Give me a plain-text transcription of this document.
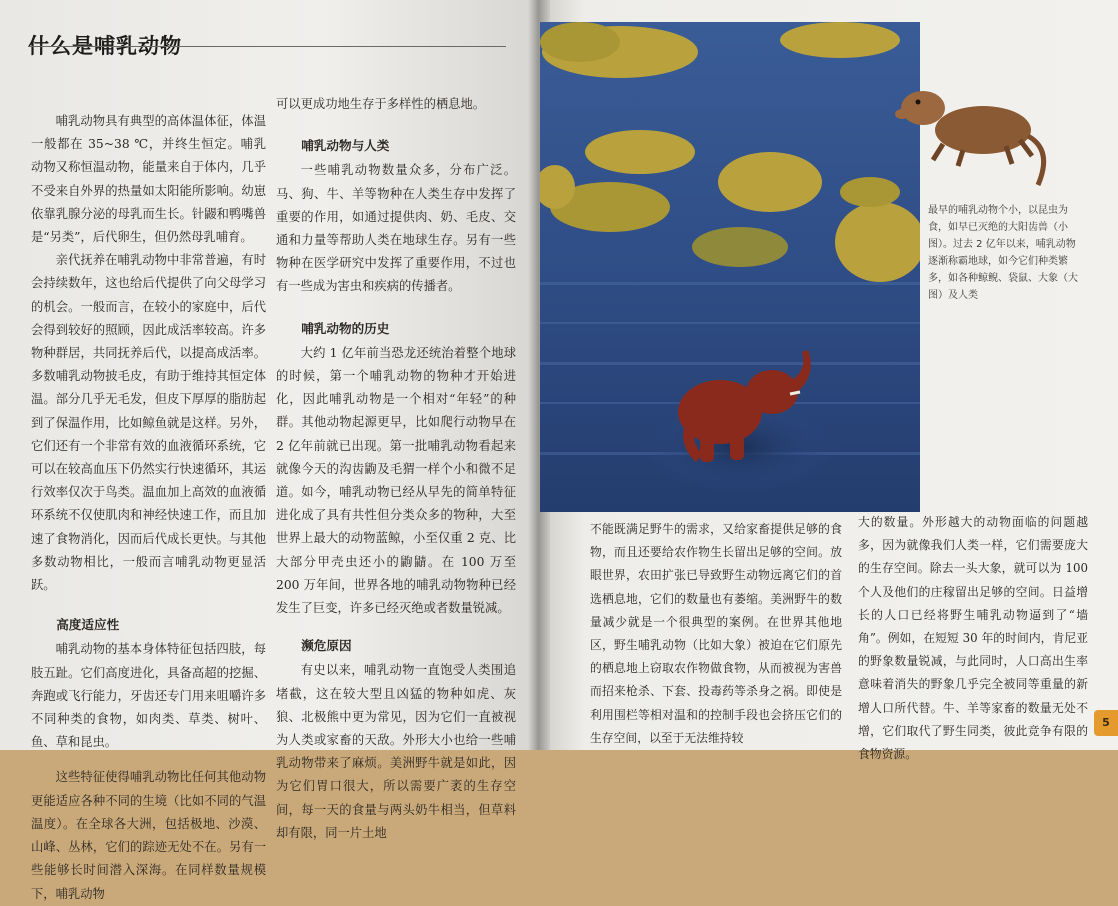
什么是哺乳动物

哺乳动物具有典型的高体温体征，体温一般都在 35~38 ℃，并终生恒定。哺乳动物又称恒温动物，能量来自于体内，几乎不受来自外界的热量如太阳能所影响。幼崽依靠乳腺分泌的母乳而生长。针鼹和鸭嘴兽是“另类”，后代卵生，但仍然母乳哺育。

亲代抚养在哺乳动物中非常普遍，有时会持续数年，这也给后代提供了向父母学习的机会。一般而言，在较小的家庭中，后代会得到较好的照顾，因此成活率较高。许多物种群居，共同抚养后代，以提高成活率。多数哺乳动物披毛皮，有助于维持其恒定体温。部分几乎无毛发，但皮下厚厚的脂肪起到了保温作用，比如鲸鱼就是这样。另外，它们还有一个非常有效的血液循环系统，它可以在较高血压下仍然实行快速循环，其运行效率仅次于鸟类。温血加上高效的血液循环系统不仅使肌肉和神经快速工作，而且加速了食物消化，因而后代成长更快。与其他多数动物相比，一般而言哺乳动物更显活跃。

高度适应性

哺乳动物的基本身体特征包括四肢，每肢五趾。它们高度进化，具备高超的挖掘、奔跑或飞行能力，牙齿还专门用来咀嚼许多不同种类的食物，如肉类、草类、树叶、鱼、草和昆虫。

这些特征使得哺乳动物比任何其他动物更能适应各种不同的生境（比如不同的气温温度）。在全球各大洲，包括极地、沙漠、山峰、丛林，它们的踪迹无处不在。另有一些能够长时间潜入深海。在同样数量规模下，哺乳动物

可以更成功地生存于多样性的栖息地。

哺乳动物与人类

一些哺乳动物数量众多，分布广泛。马、狗、牛、羊等物种在人类生存中发挥了重要的作用，如通过提供肉、奶、毛皮、交通和力量等帮助人类在地球生存。另有一些物种在医学研究中发挥了重要作用，不过也有一些成为害虫和疾病的传播者。

哺乳动物的历史

大约 1 亿年前当恐龙还统治着整个地球的时候，第一个哺乳动物的物种才开始进化，因此哺乳动物是一个相对“年轻”的种群。其他动物起源更早，比如爬行动物早在 2 亿年前就已出现。第一批哺乳动物看起来就像今天的沟齿鼩及毛猬一样个小和微不足道。如今，哺乳动物已经从早先的简单特征进化成了具有共性但分类众多的物种，大至世界上最大的动物蓝鲸，小至仅重 2 克、比大部分甲壳虫还小的鼩鼱。在 100 万至 200 万年间，世界各地的哺乳动物物种已经发生了巨变，许多已经灭绝或者数量锐减。

濒危原因

有史以来，哺乳动物一直饱受人类围追堵截，这在较大型且凶猛的物种如虎、灰狼、北极熊中更为常见，因为它们一直被视为人类或家畜的天敌。外形大小也给一些哺乳动物带来了麻烦。美洲野牛就是如此，因为它们胃口很大，所以需要广袤的生存空间，每一天的食量与两头奶牛相当，但草料却有限，同一片土地

最早的哺乳动物个小，以昆虫为食，如早已灭绝的大阳齿兽（小图）。过去 2 亿年以来，哺乳动物逐渐称霸地球，如今它们种类繁多，如各种鲸鲵、袋鼠、大象（大图）及人类

不能既满足野牛的需求，又给家畜提供足够的食物，而且还要给农作物生长留出足够的空间。放眼世界，农田扩张已导致野生动物远离它们的首选栖息地，它们的数量也有萎缩。美洲野牛的数量减少就是一个很典型的案例。在世界其他地区，野生哺乳动物（比如大象）被迫在它们原先的栖息地上窃取农作物做食物，从而被视为害兽而招来枪杀、下套、投毒药等杀身之祸。即使是利用围栏等相对温和的控制手段也会挤压它们的生存空间，以至于无法维持较

大的数量。外形越大的动物面临的问题越多，因为就像我们人类一样，它们需要庞大的生存空间。除去一头大象，就可以为 100 个人及他们的庄稼留出足够的空间。日益增长的人口已经将野生哺乳动物逼到了“墙角”。例如，在短短 30 年的时间内，肯尼亚的野象数量锐减，与此同时，人口高出生率意味着消失的野象几乎完全被同等重量的新增人口所代替。牛、羊等家畜的数量无处不增，它们取代了野生同类，彼此竞争有限的食物资源。

5
